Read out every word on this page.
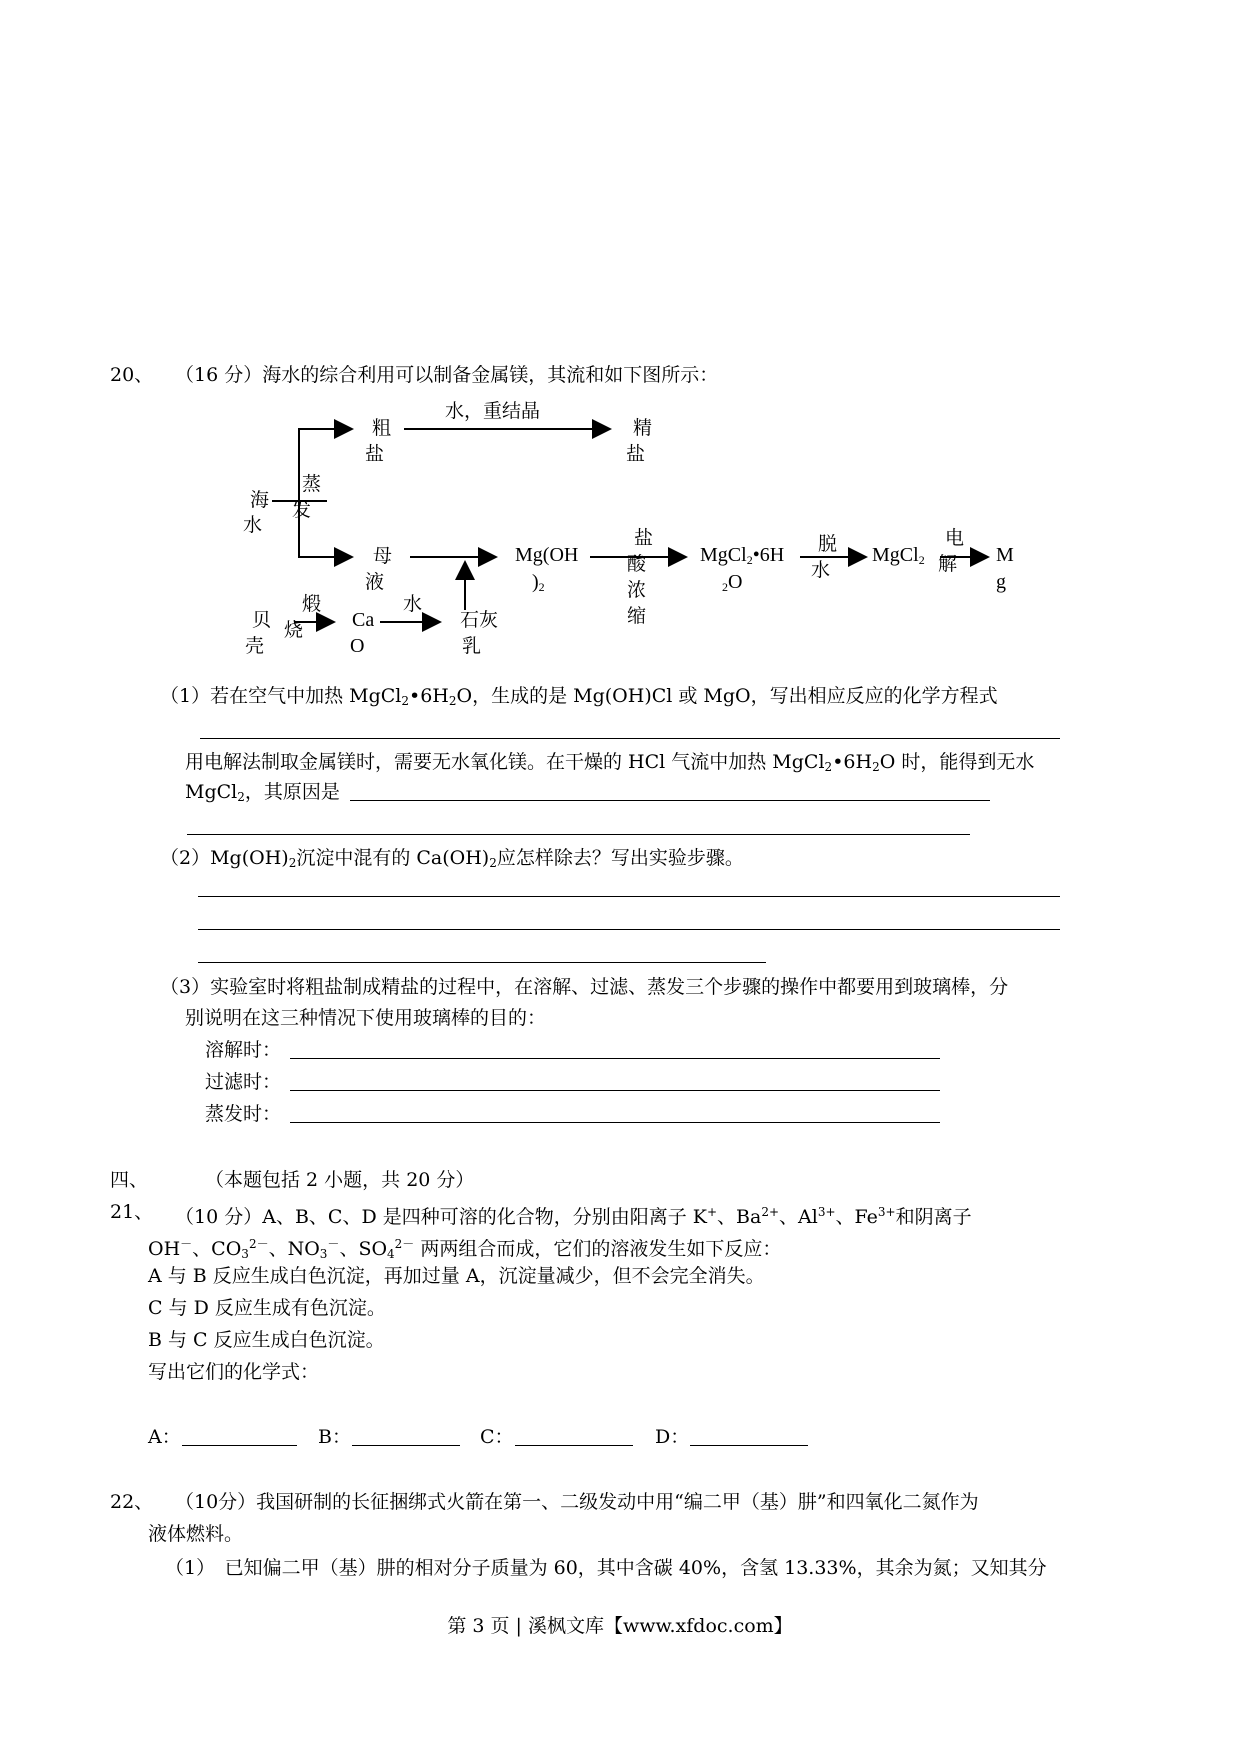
20、 （16 分）海水的综合利用可以制备金属镁，其流和如下图所示：
海
水
蒸
发
粗
盐
水，重结晶
精
盐
母
液
Mg(OH
)$_2$
盐
酸
浓
缩
MgCl$_2$•6H
$_2$O
脱
水
MgCl$_2$
电
解 M
g
贝
壳
煅
烧 Ca
O
水
石灰
乳
（1）若在空气中加热 $MgCl_2•6H_2O$，生成的是 Mg(OH)Cl 或 MgO，写出相应反应的化学方程式
用电解法制取金属镁时，需要无水氧化镁。在干燥的 HCl 气流中加热 $MgCl_2•6H_2O$ 时，能得到无水
MgCl$_2$，其原因是
$(2)Mg(OH)_2$沉淀中混有的 $Ca(OH)_2$应怎样除去？写出实验步骤。
（3）实验室时将粗盐制成精盐的过程中，在溶解、过滤、蒸发三个步骤的操作中都要用到玻璃棒，分
别说明在这三种情况下使用玻璃棒的目的：
溶解时：
过滤时：
蒸发时：
四、	（本题包括 2 小题，共 20 分）
21、 （10 分）A、B、C、D 是四种可溶的化合物，分别由阳离子 K+、$Ba^{2+}$、$Al^{3+}$、$Fe^{3+}$和阴离子
OH－、$CO_3^{2-}$、$NO_3^-$、$SO_4^{2-}$ 两两组合而成，它们的溶液发生如下反应：
A 与 B 反应生成白色沉淀，再加过量 A，沉淀量减少，但不会完全消失。
C 与 D 反应生成有色沉淀。
B 与 C 反应生成白色沉淀。
写出它们的化学式：
A：	B：	C：	D：
22、 （10分）我国研制的长征捆绑式火箭在第一、二级发动中用“编二甲（基）肼”和四氧化二氮作为
液体燃料。
（1）　已知偏二甲（基）肼的相对分子质量为 60，其中含碳 40%，含氢 13.33%，其余为氮；又知其分
第 3 页 | 溪枫文库【www.xfdoc.com】
